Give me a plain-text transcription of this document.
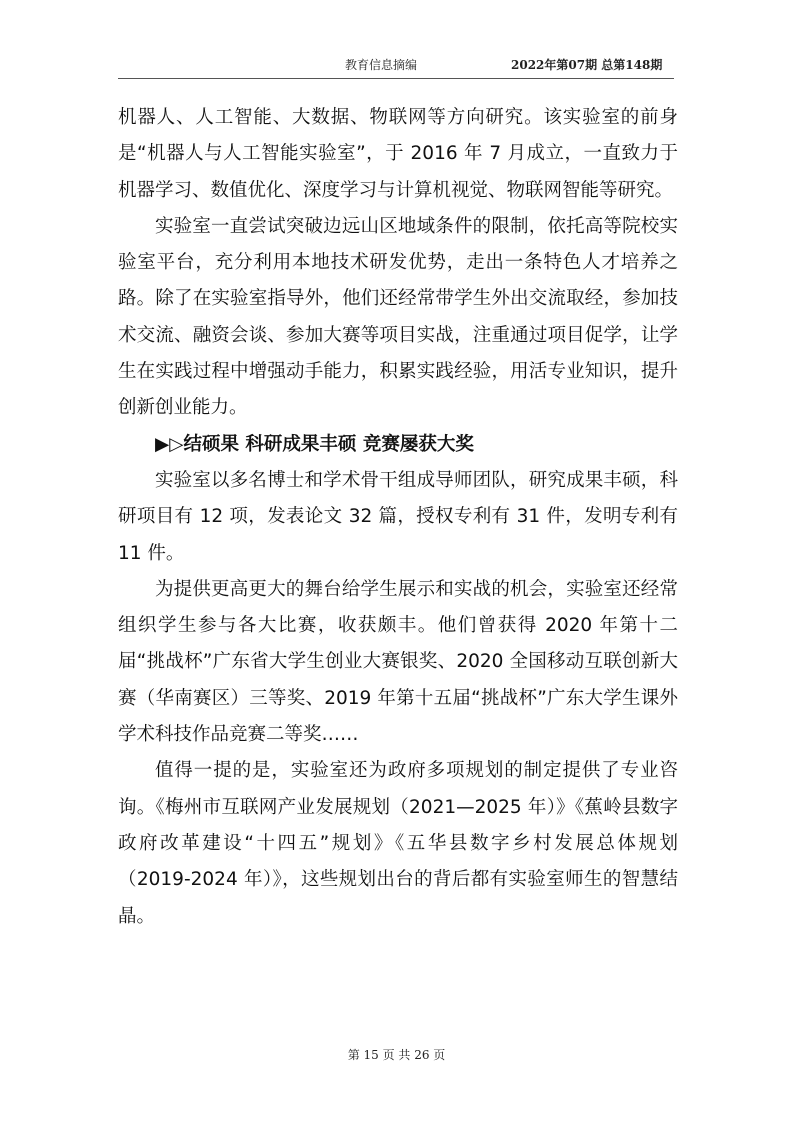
教育信息摘编	2022年第07期 总第148期

机器人、人工智能、大数据、物联网等方向研究。该实验室的前身是“机器人与人工智能实验室”，于 2016 年 7 月成立，一直致力于机器学习、数值优化、深度学习与计算机视觉、物联网智能等研究。

实验室一直尝试突破边远山区地域条件的限制，依托高等院校实验室平台，充分利用本地技术研发优势，走出一条特色人才培养之路。除了在实验室指导外，他们还经常带学生外出交流取经，参加技术交流、融资会谈、参加大赛等项目实战，注重通过项目促学，让学生在实践过程中增强动手能力，积累实践经验，用活专业知识，提升创新创业能力。

▶▷结硕果 科研成果丰硕 竞赛屡获大奖

实验室以多名博士和学术骨干组成导师团队，研究成果丰硕，科研项目有 12 项，发表论文 32 篇，授权专利有 31 件，发明专利有 11 件。

为提供更高更大的舞台给学生展示和实战的机会，实验室还经常组织学生参与各大比赛，收获颇丰。他们曾获得 2020 年第十二届“挑战杯”广东省大学生创业大赛银奖、2020 全国移动互联创新大赛（华南赛区）三等奖、2019 年第十五届“挑战杯”广东大学生课外学术科技作品竞赛二等奖……

值得一提的是，实验室还为政府多项规划的制定提供了专业咨询。《梅州市互联网产业发展规划（2021—2025 年）》《蕉岭县数字政府改革建设“十四五”规划》《五华县数字乡村发展总体规划（2019-2024 年）》，这些规划出台的背后都有实验室师生的智慧结晶。

第 15 页 共 26 页
